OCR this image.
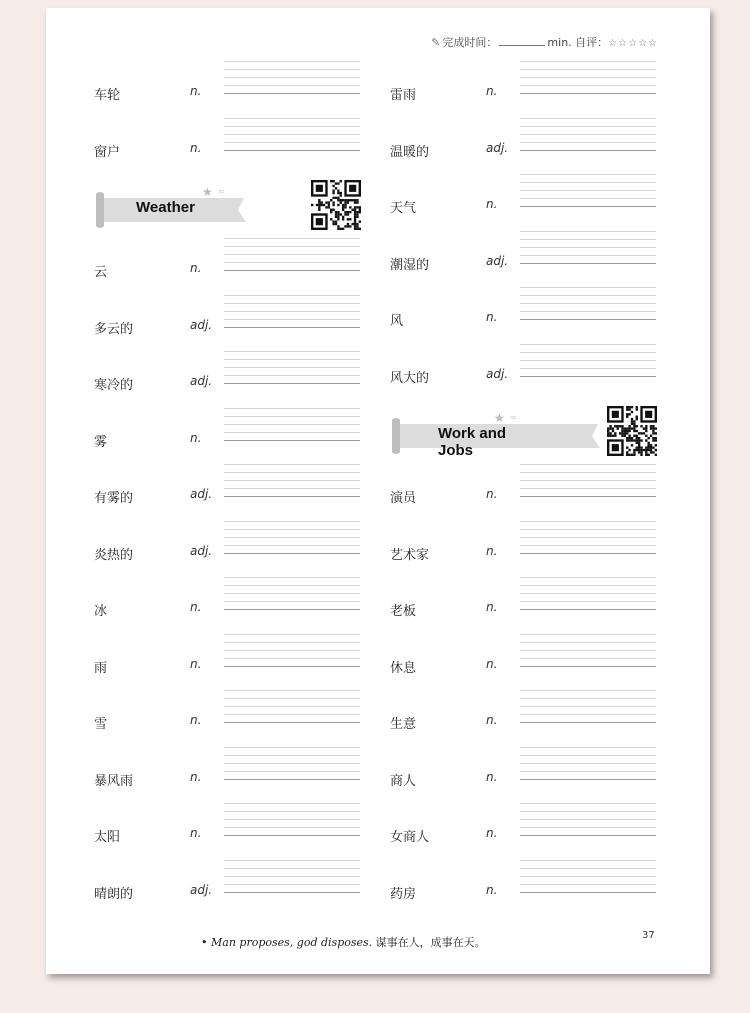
✎ 完成时间：	min. 自评：☆☆☆☆☆
车轮	n.
窗户	n.
云	n.
多云的	adj.
寒冷的	adj.
雾	n.
有雾的	adj.
炎热的	adj.
冰	n.
雨	n.
雪	n.
暴风雨	n.
太阳	n.
晴朗的	adj.
雷雨	n.
温暖的	adj.
天气	n.
潮湿的	adj.
风	n.
风大的	adj.
演员	n.
艺术家	n.
老板	n.
休息	n.
生意	n.
商人	n.
女商人	n.
药房	n.
★ ≈
Weather
★ ≈
Work and Jobs
• Man proposes, god disposes. 谋事在人，成事在天。
37
